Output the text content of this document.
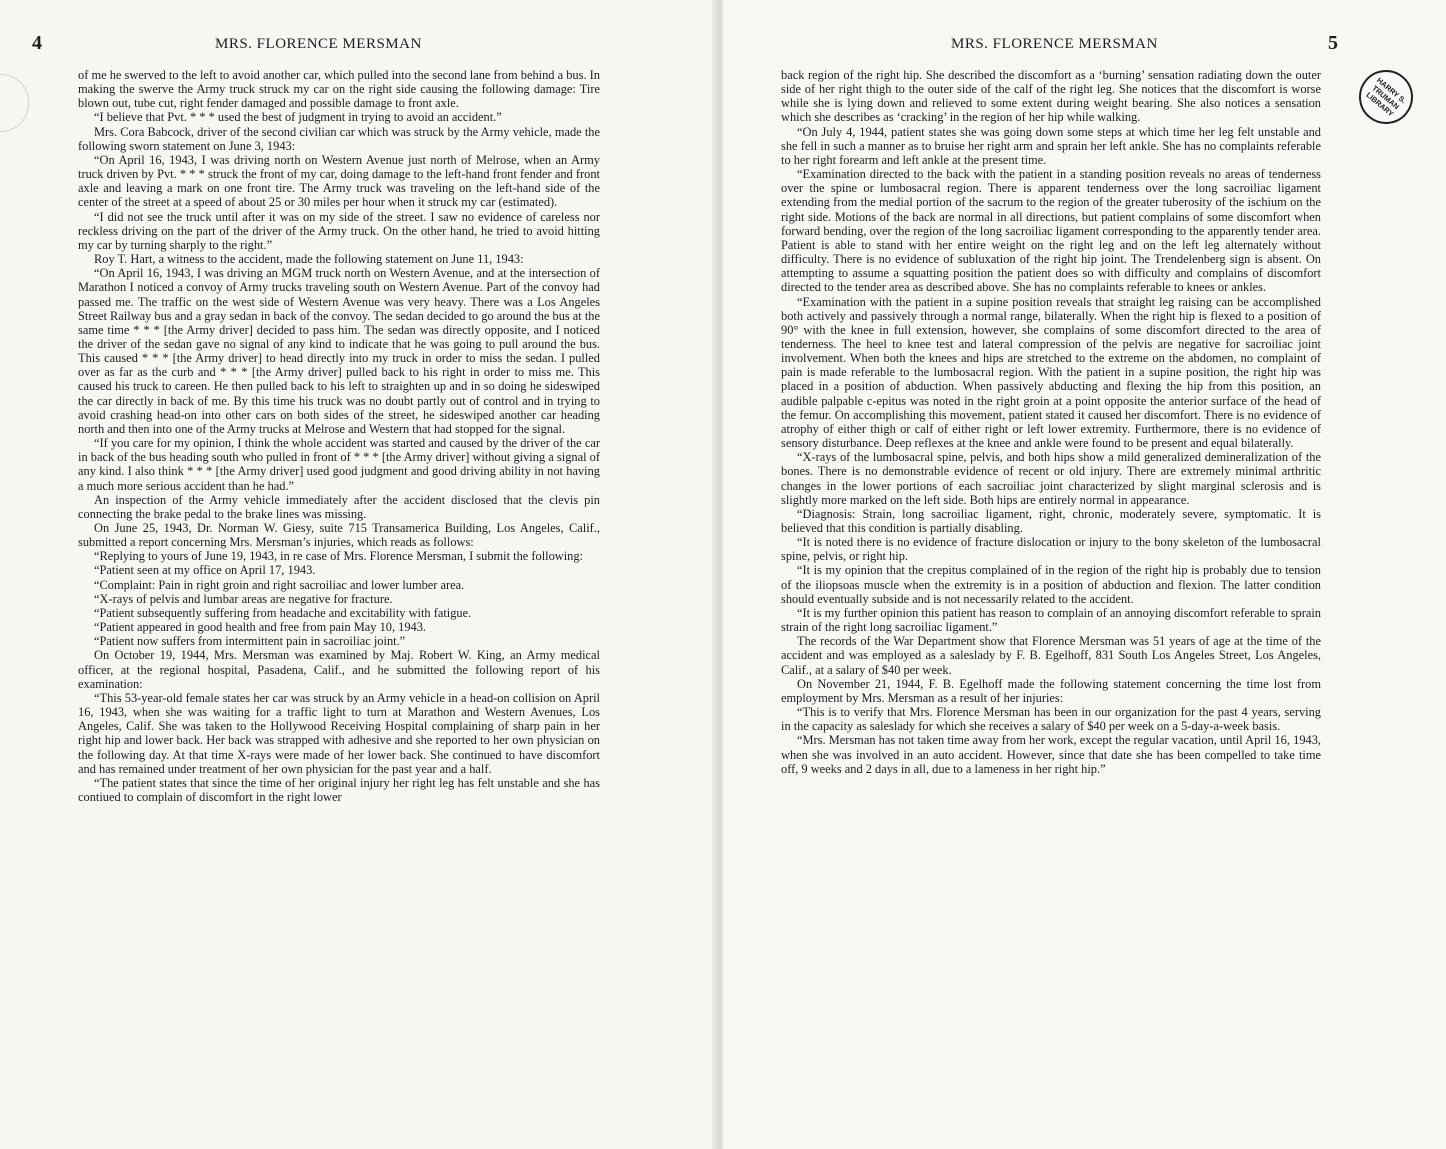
4	MRS. FLORENCE MERSMAN

of me he swerved to the left to avoid another car, which pulled into the second lane from behind a bus. In making the swerve the Army truck struck my car on the right side causing the following damage: Tire blown out, tube cut, right fender damaged and possible damage to front axle.

“I believe that Pvt. * * * used the best of judgment in trying to avoid an accident.”

Mrs. Cora Babcock, driver of the second civilian car which was struck by the Army vehicle, made the following sworn statement on June 3, 1943:

“On April 16, 1943, I was driving north on Western Avenue just north of Melrose, when an Army truck driven by Pvt. * * * struck the front of my car, doing damage to the left-hand front fender and front axle and leaving a mark on one front tire. The Army truck was traveling on the left-hand side of the center of the street at a speed of about 25 or 30 miles per hour when it struck my car (estimated).

“I did not see the truck until after it was on my side of the street. I saw no evidence of careless nor reckless driving on the part of the driver of the Army truck. On the other hand, he tried to avoid hitting my car by turning sharply to the right.”

Roy T. Hart, a witness to the accident, made the following statement on June 11, 1943:

“On April 16, 1943, I was driving an MGM truck north on Western Avenue, and at the intersection of Marathon I noticed a convoy of Army trucks traveling south on Western Avenue. Part of the convoy had passed me. The traffic on the west side of Western Avenue was very heavy. There was a Los Angeles Street Railway bus and a gray sedan in back of the convoy. The sedan decided to go around the bus at the same time * * * [the Army driver] decided to pass him. The sedan was directly opposite, and I noticed the driver of the sedan gave no signal of any kind to indicate that he was going to pull around the bus. This caused * * * [the Army driver] to head directly into my truck in order to miss the sedan. I pulled over as far as the curb and * * * [the Army driver] pulled back to his right in order to miss me. This caused his truck to careen. He then pulled back to his left to straighten up and in so doing he sideswiped the car directly in back of me. By this time his truck was no doubt partly out of control and in trying to avoid crashing head-on into other cars on both sides of the street, he sideswiped another car heading north and then into one of the Army trucks at Melrose and Western that had stopped for the signal.

“If you care for my opinion, I think the whole accident was started and caused by the driver of the car in back of the bus heading south who pulled in front of * * * [the Army driver] without giving a signal of any kind. I also think * * * [the Army driver] used good judgment and good driving ability in not having a much more serious accident than he had.”

An inspection of the Army vehicle immediately after the accident disclosed that the clevis pin connecting the brake pedal to the brake lines was missing.

On June 25, 1943, Dr. Norman W. Giesy, suite 715 Transamerica Building, Los Angeles, Calif., submitted a report concerning Mrs. Mersman’s injuries, which reads as follows:

“Replying to yours of June 19, 1943, in re case of Mrs. Florence Mersman, I submit the following:

“Patient seen at my office on April 17, 1943.

“Complaint: Pain in right groin and right sacroiliac and lower lumber area.

“X-rays of pelvis and lumbar areas are negative for fracture.

“Patient subsequently suffering from headache and excitability with fatigue.

“Patient appeared in good health and free from pain May 10, 1943.

“Patient now suffers from intermittent pain in sacroiliac joint.”

On October 19, 1944, Mrs. Mersman was examined by Maj. Robert W. King, an Army medical officer, at the regional hospital, Pasadena, Calif., and he submitted the following report of his examination:

“This 53-year-old female states her car was struck by an Army vehicle in a head-on collision on April 16, 1943, when she was waiting for a traffic light to turn at Marathon and Western Avenues, Los Angeles, Calif. She was taken to the Hollywood Receiving Hospital complaining of sharp pain in her right hip and lower back. Her back was strapped with adhesive and she reported to her own physician on the following day. At that time X-rays were made of her lower back. She continued to have discomfort and has remained under treatment of her own physician for the past year and a half.

“The patient states that since the time of her original injury her right leg has felt unstable and she has contiued to complain of discomfort in the right lower

MRS. FLORENCE MERSMAN	5
HARRY S. TRUMAN LIBRARY

back region of the right hip. She described the discomfort as a ‘burning’ sensation radiating down the outer side of her right thigh to the outer side of the calf of the right leg. She notices that the discomfort is worse while she is lying down and relieved to some extent during weight bearing. She also notices a sensation which she describes as ‘cracking’ in the region of her hip while walking.

“On July 4, 1944, patient states she was going down some steps at which time her leg felt unstable and she fell in such a manner as to bruise her right arm and sprain her left ankle. She has no complaints referable to her right forearm and left ankle at the present time.

“Examination directed to the back with the patient in a standing position reveals no areas of tenderness over the spine or lumbosacral region. There is apparent tenderness over the long sacroiliac ligament extending from the medial portion of the sacrum to the region of the greater tuberosity of the ischium on the right side. Motions of the back are normal in all directions, but patient complains of some discomfort when forward bending, over the region of the long sacroiliac ligament corresponding to the apparently tender area. Patient is able to stand with her entire weight on the right leg and on the left leg alternately without difficulty. There is no evidence of subluxation of the right hip joint. The Trendelenberg sign is absent. On attempting to assume a squatting position the patient does so with difficulty and complains of discomfort directed to the tender area as described above. She has no complaints referable to knees or ankles.

“Examination with the patient in a supine position reveals that straight leg raising can be accomplished both actively and passively through a normal range, bilaterally. When the right hip is flexed to a position of 90° with the knee in full extension, however, she complains of some discomfort directed to the area of tenderness. The heel to knee test and lateral compression of the pelvis are negative for sacroiliac joint involvement. When both the knees and hips are stretched to the extreme on the abdomen, no complaint of pain is made referable to the lumbosacral region. With the patient in a supine position, the right hip was placed in a position of abduction. When passively abducting and flexing the hip from this position, an audible palpable c-epitus was noted in the right groin at a point opposite the anterior surface of the head of the femur. On accomplishing this movement, patient stated it caused her discomfort. There is no evidence of atrophy of either thigh or calf of either right or left lower extremity. Furthermore, there is no evidence of sensory disturbance. Deep reflexes at the knee and ankle were found to be present and equal bilaterally.

“X-rays of the lumbosacral spine, pelvis, and both hips show a mild generalized demineralization of the bones. There is no demonstrable evidence of recent or old injury. There are extremely minimal arthritic changes in the lower portions of each sacroiliac joint characterized by slight marginal sclerosis and is slightly more marked on the left side. Both hips are entirely normal in appearance.

“Diagnosis: Strain, long sacroiliac ligament, right, chronic, moderately severe, symptomatic. It is believed that this condition is partially disabling.

“It is noted there is no evidence of fracture dislocation or injury to the bony skeleton of the lumbosacral spine, pelvis, or right hip.

“It is my opinion that the crepitus complained of in the region of the right hip is probably due to tension of the iliopsoas muscle when the extremity is in a position of abduction and flexion. The latter condition should eventually subside and is not necessarily related to the accident.

“It is my further opinion this patient has reason to complain of an annoying discomfort referable to sprain strain of the right long sacroiliac ligament.”

The records of the War Department show that Florence Mersman was 51 years of age at the time of the accident and was employed as a saleslady by F. B. Egelhoff, 831 South Los Angeles Street, Los Angeles, Calif., at a salary of $40 per week.

On November 21, 1944, F. B. Egelhoff made the following statement concerning the time lost from employment by Mrs. Mersman as a result of her injuries:

“This is to verify that Mrs. Florence Mersman has been in our organization for the past 4 years, serving in the capacity as saleslady for which she receives a salary of $40 per week on a 5-day-a-week basis.

“Mrs. Mersman has not taken time away from her work, except the regular vacation, until April 16, 1943, when she was involved in an auto accident. However, since that date she has been compelled to take time off, 9 weeks and 2 days in all, due to a lameness in her right hip.”
